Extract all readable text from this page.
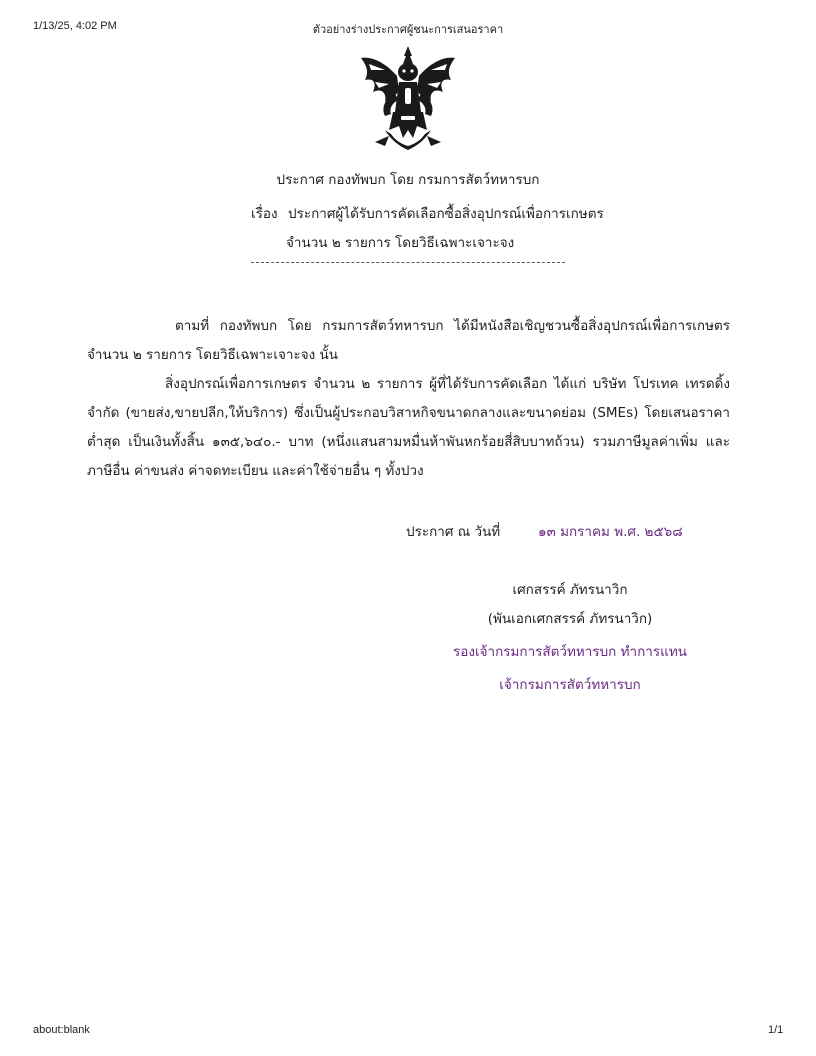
1/13/25, 4:02 PM	ตัวอย่างร่างประกาศผู้ชนะการเสนอราคา
about:blank	1/1
ประกาศ กองทัพบก โดย กรมการสัตว์ทหารบก
เรื่อง ประกาศผู้ได้รับการคัดเลือกซื้อสิ่งอุปกรณ์เพื่อการเกษตร
จำนวน ๒ รายการ โดยวิธีเฉพาะเจาะจง
ตามที่ กองทัพบก โดย กรมการสัตว์ทหารบก ได้มีหนังสือเชิญชวนซื้อสิ่งอุปกรณ์เพื่อการเกษตร จำนวน ๒ รายการ โดยวิธีเฉพาะเจาะจง นั้น
สิ่งอุปกรณ์เพื่อการเกษตร จำนวน ๒ รายการ ผู้ที่ได้รับการคัดเลือก ได้แก่ บริษัท โปรเทค เทรดดิ้ง จำกัด (ขายส่ง,ขายปลีก,ให้บริการ) ซึ่งเป็นผู้ประกอบวิสาหกิจขนาดกลางและขนาดย่อม (SMEs) โดยเสนอราคาต่ำสุด เป็นเงินทั้งสิ้น ๑๓๕,๖๔๐.- บาท (หนึ่งแสนสามหมื่นห้าพันหกร้อยสี่สิบบาทถ้วน) รวมภาษีมูลค่าเพิ่ม และภาษีอื่น ค่าขนส่ง ค่าจดทะเบียน และค่าใช้จ่ายอื่น ๆ ทั้งปวง
ประกาศ ณ วันที่	๑๓ มกราคม พ.ศ. ๒๕๖๘
เศกสรรค์ ภัทรนาวิก
(พันเอกเศกสรรค์ ภัทรนาวิก)
รองเจ้ากรมการสัตว์ทหารบก ทำการแทน
เจ้ากรมการสัตว์ทหารบก
